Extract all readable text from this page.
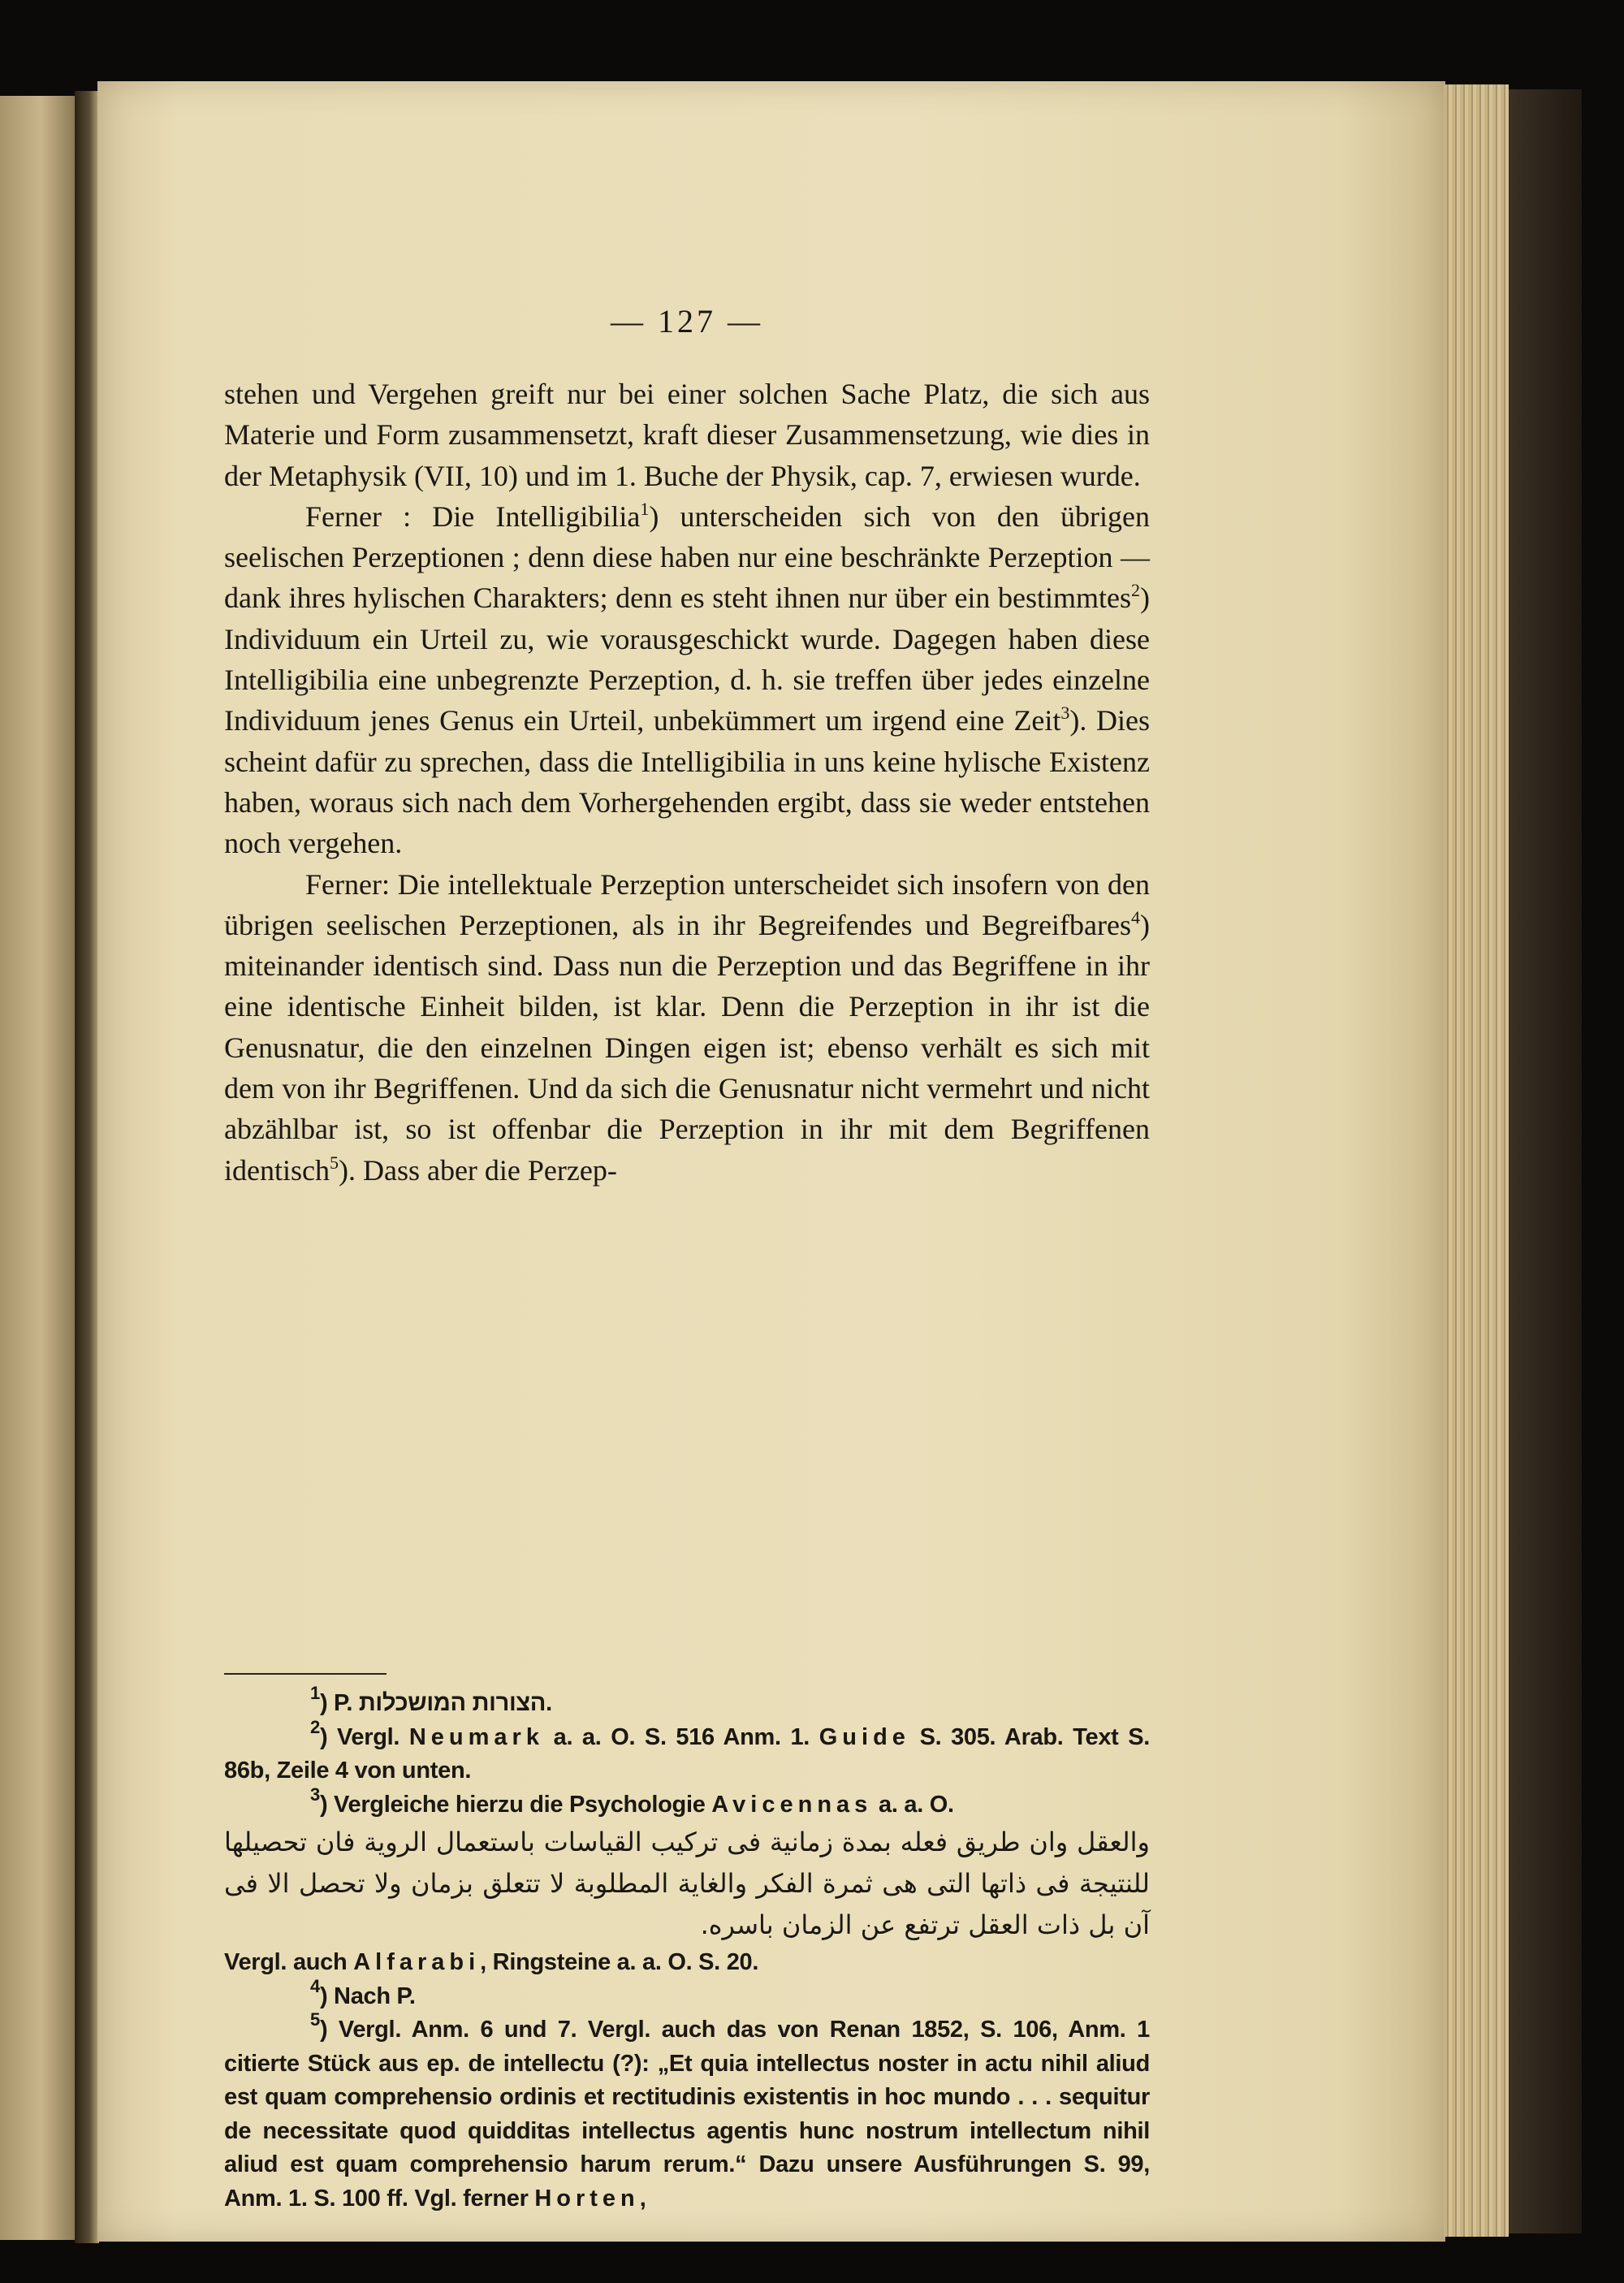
— 127 —

stehen und Vergehen greift nur bei einer solchen Sache Platz, die sich aus Materie und Form zusammensetzt, kraft dieser Zusammensetzung, wie dies in der Metaphysik (VII, 10) und im 1. Buche der Physik, cap. 7, erwiesen wurde.

Ferner : Die Intelligibilia$^1$) unterscheiden sich von den übrigen seelischen Perzeptionen ; denn diese haben nur eine beschränkte Perzeption — dank ihres hylischen Charakters; denn es steht ihnen nur über ein bestimmtes$^2$) Individuum ein Urteil zu, wie vorausgeschickt wurde. Dagegen haben diese Intelligibilia eine unbegrenzte Perzeption, d. h. sie treffen über jedes einzelne Individuum jenes Genus ein Urteil, unbekümmert um irgend eine Zeit$^3$). Dies scheint dafür zu sprechen, dass die Intelligibilia in uns keine hylische Existenz haben, woraus sich nach dem Vorhergehenden ergibt, dass sie weder entstehen noch vergehen.

Ferner: Die intellektuale Perzeption unterscheidet sich insofern von den übrigen seelischen Perzeptionen, als in ihr Begreifendes und Begreifbares$^4$) miteinander identisch sind. Dass nun die Perzeption und das Begriffene in ihr eine identische Einheit bilden, ist klar. Denn die Perzeption in ihr ist die Genusnatur, die den einzelnen Dingen eigen ist; ebenso verhält es sich mit dem von ihr Begriffenen. Und da sich die Genusnatur nicht vermehrt und nicht abzählbar ist, so ist offenbar die Perzeption in ihr mit dem Begriffenen identisch$^5$). Dass aber die Perzep-

$^1$) P. הצורות המושכלות.

$^2$) Vergl. Neumark a. a. O. S. 516 Anm. 1. Guide S. 305. Arab. Text S. 86b, Zeile 4 von unten.

$^3$) Vergleiche hierzu die Psychologie Avicennas a. a. O.

والعقل وان طريق فعله بمدة زمانية فى تركيب القياسات باستعمال الروية فان تحصيلها للنتيجة فى ذاتها التى هى ثمرة الفكر والغاية المطلوبة لا تتعلق بزمان ولا تحصل الا فى آن بل ذات العقل ترتفع عن الزمان باسره.

Vergl. auch Alfarabi, Ringsteine a. a. O. S. 20.

$^4$) Nach P.

$^5$) Vergl. Anm. 6 und 7. Vergl. auch das von Renan 1852, S. 106, Anm. 1 citierte Stück aus ep. de intellectu (?): „Et quia intellectus noster in actu nihil aliud est quam comprehensio ordinis et rectitudinis existentis in hoc mundo . . . sequitur de necessitate quod quidditas intellectus agentis hunc nostrum intellectum nihil aliud est quam comprehensio harum rerum.“ Dazu unsere Ausführungen S. 99, Anm. 1. S. 100 ff. Vgl. ferner Horten,
